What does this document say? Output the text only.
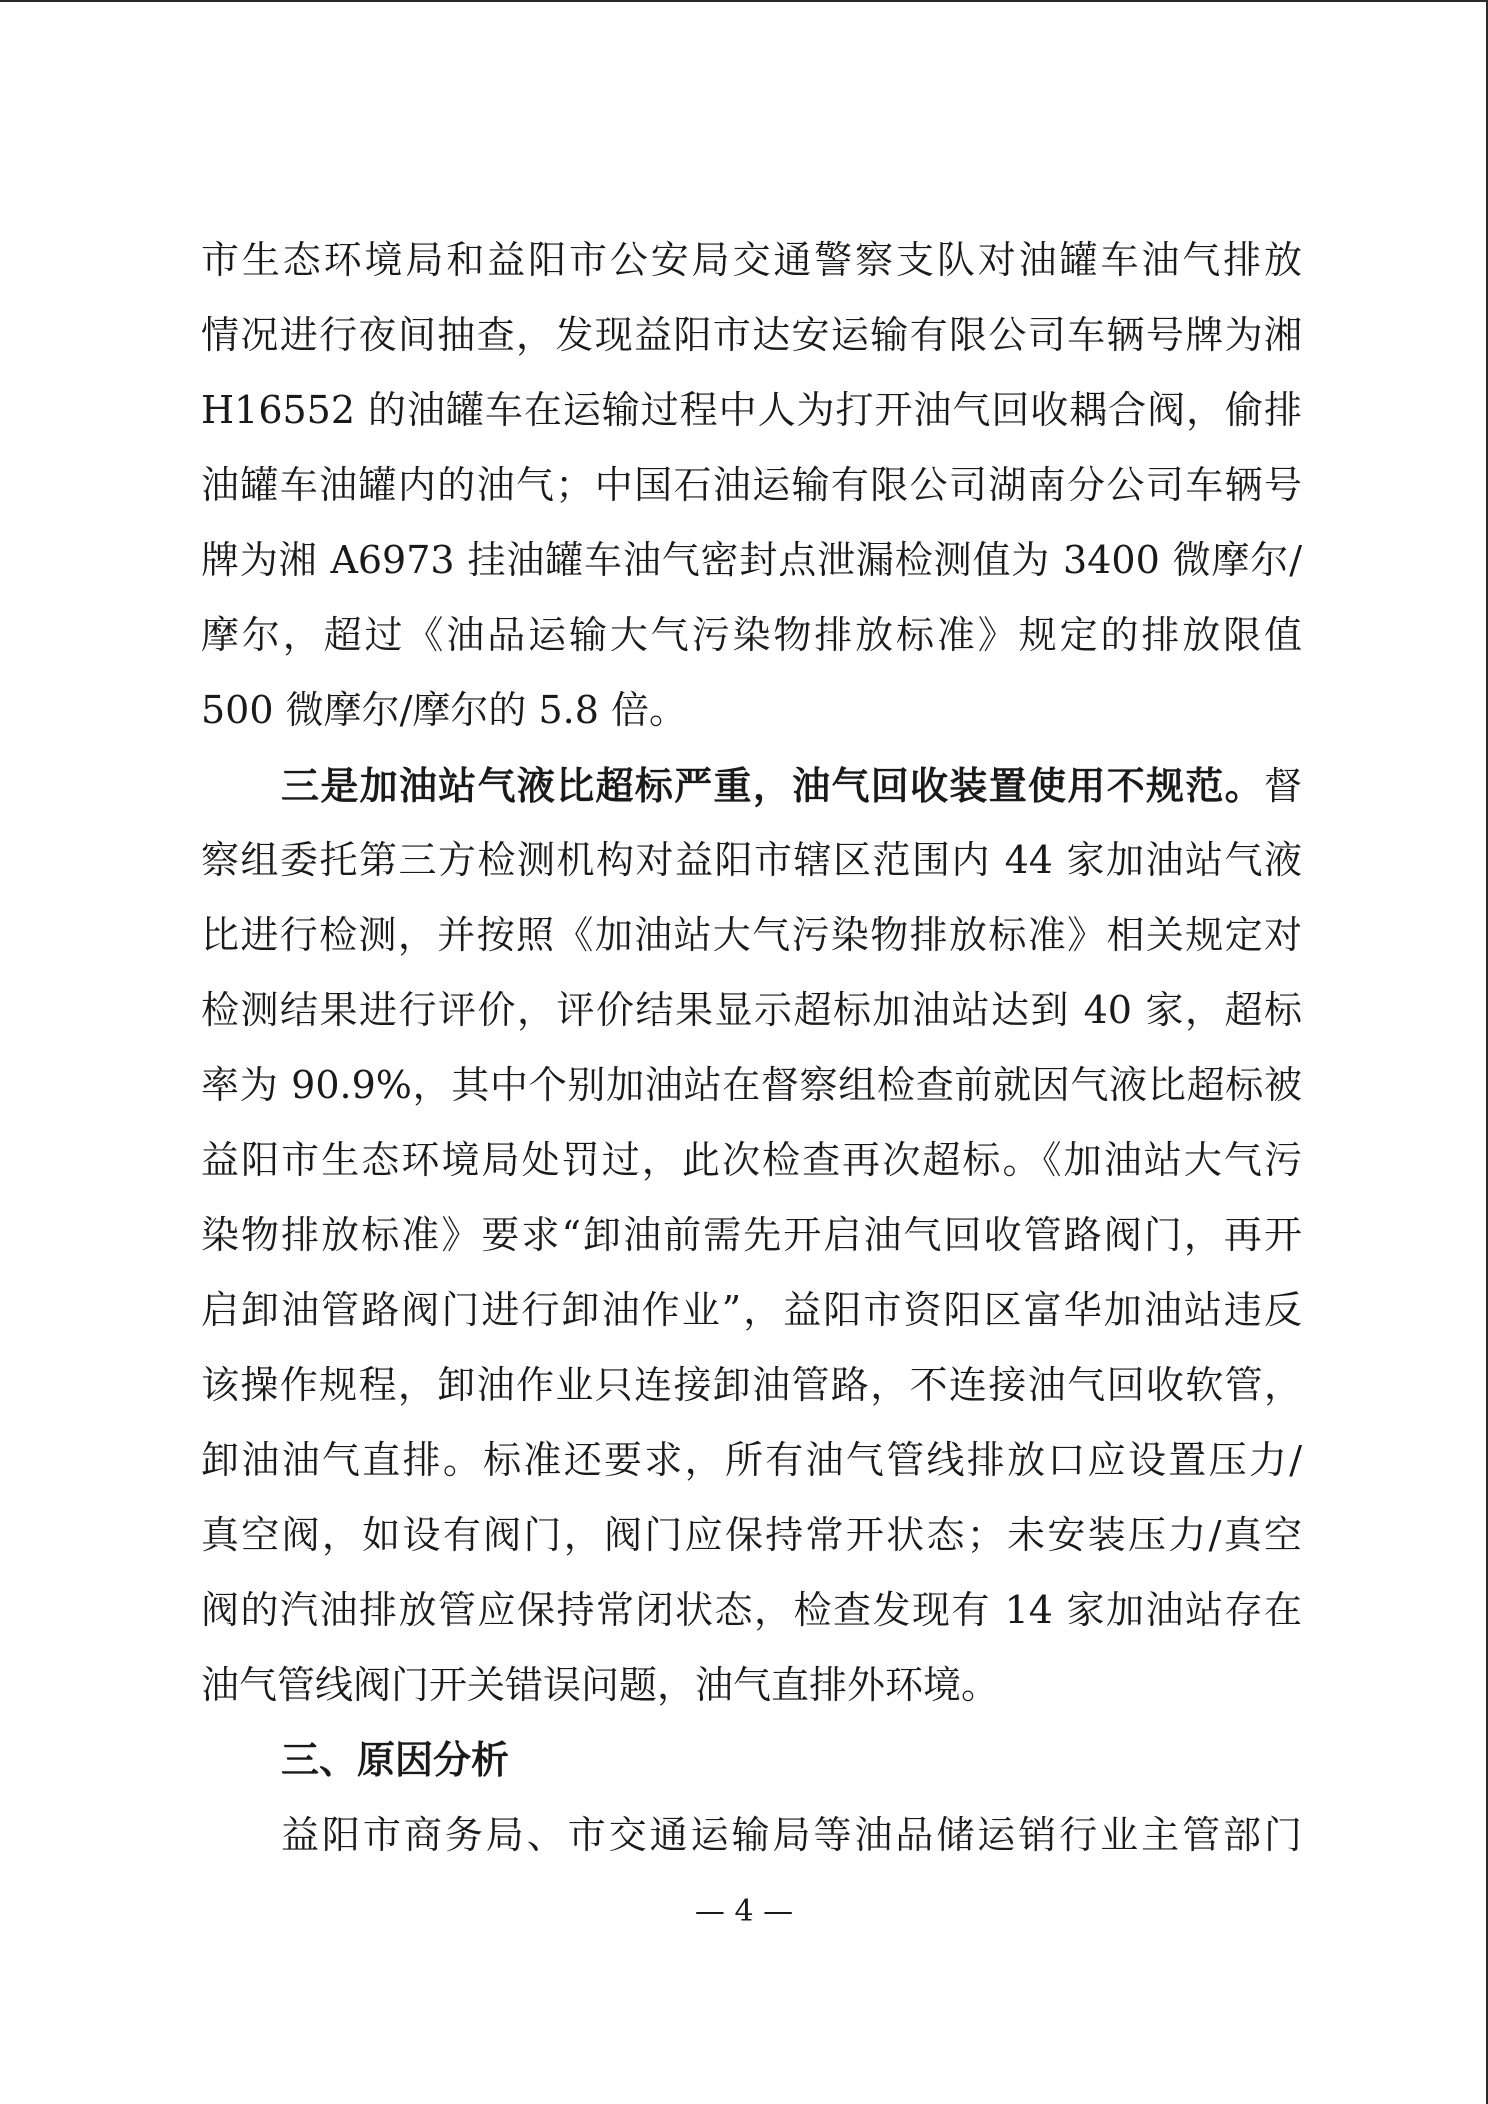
市生态环境局和益阳市公安局交通警察支队对油罐车油气排放
情况进行夜间抽查，发现益阳市达安运输有限公司车辆号牌为湘
H16552 的油罐车在运输过程中人为打开油气回收耦合阀，偷排
油罐车油罐内的油气；中国石油运输有限公司湖南分公司车辆号
牌为湘 A6973 挂油罐车油气密封点泄漏检测值为 3400 微摩尔/
摩尔，超过《油品运输大气污染物排放标准》规定的排放限值
500 微摩尔/摩尔的 5.8 倍。
三是加油站气液比超标严重，油气回收装置使用不规范。督
察组委托第三方检测机构对益阳市辖区范围内 44 家加油站气液
比进行检测，并按照《加油站大气污染物排放标准》相关规定对
检测结果进行评价，评价结果显示超标加油站达到 40 家，超标
率为 90.9%，其中个别加油站在督察组检查前就因气液比超标被
益阳市生态环境局处罚过，此次检查再次超标。《加油站大气污
染物排放标准》要求“卸油前需先开启油气回收管路阀门，再开
启卸油管路阀门进行卸油作业”，益阳市资阳区富华加油站违反
该操作规程，卸油作业只连接卸油管路，不连接油气回收软管，
卸油油气直排。标准还要求，所有油气管线排放口应设置压力/
真空阀，如设有阀门，阀门应保持常开状态；未安装压力/真空
阀的汽油排放管应保持常闭状态，检查发现有 14 家加油站存在
油气管线阀门开关错误问题，油气直排外环境。
三、原因分析
益阳市商务局、市交通运输局等油品储运销行业主管部门
— 4 —
